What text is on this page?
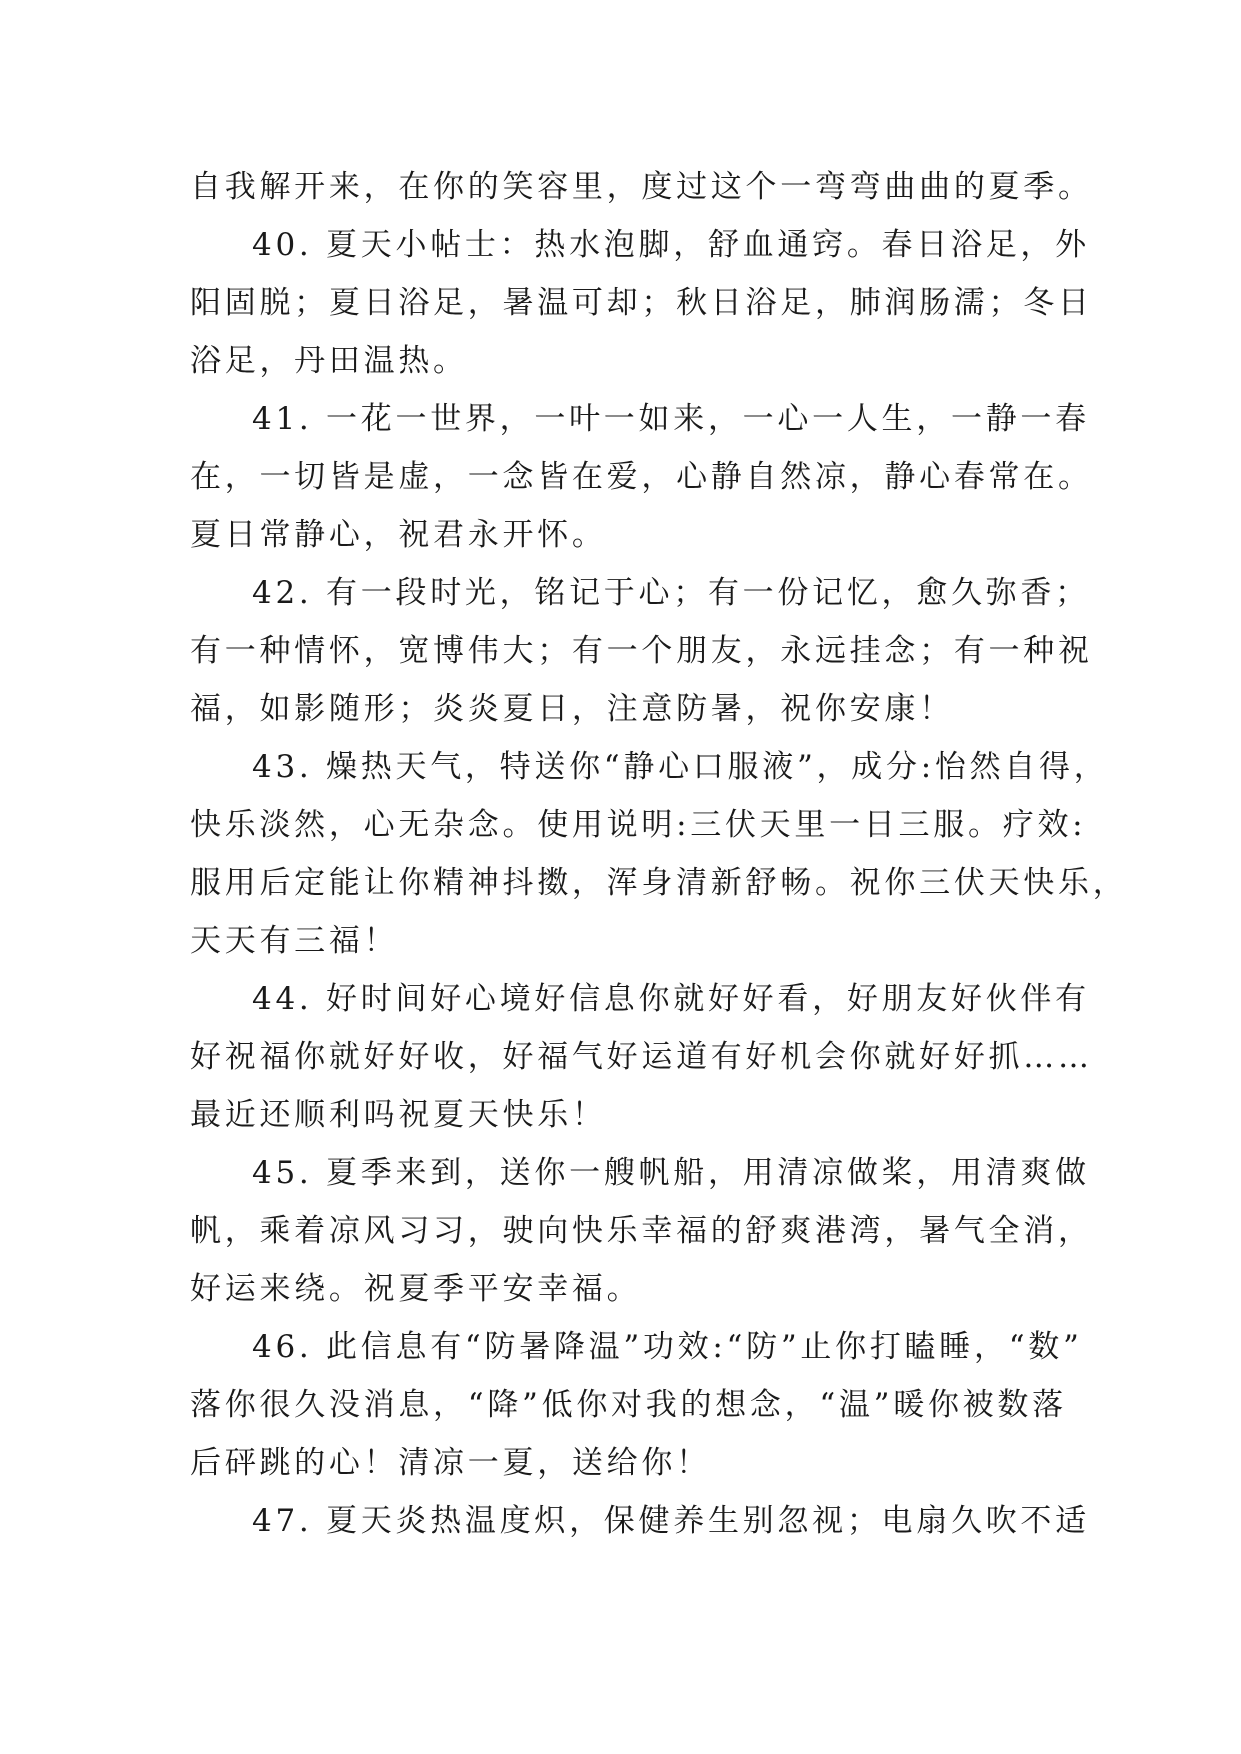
自我解开来，在你的笑容里，度过这个一弯弯曲曲的夏季。
40. 夏天小帖士：热水泡脚，舒血通窍。春日浴足，外
阳固脱；夏日浴足，暑温可却；秋日浴足，肺润肠濡；冬日
浴足，丹田温热。
41. 一花一世界，一叶一如来，一心一人生，一静一春
在，一切皆是虚，一念皆在爱，心静自然凉，静心春常在。
夏日常静心，祝君永开怀。
42. 有一段时光，铭记于心；有一份记忆，愈久弥香；
有一种情怀，宽博伟大；有一个朋友，永远挂念；有一种祝
福，如影随形；炎炎夏日，注意防暑，祝你安康！
43. 燥热天气，特送你“静心口服液”，成分:怡然自得，
快乐淡然，心无杂念。使用说明:三伏天里一日三服。疗效:
服用后定能让你精神抖擞，浑身清新舒畅。祝你三伏天快乐，
天天有三福！
44. 好时间好心境好信息你就好好看，好朋友好伙伴有
好祝福你就好好收，好福气好运道有好机会你就好好抓……
最近还顺利吗祝夏天快乐！
45. 夏季来到，送你一艘帆船，用清凉做桨，用清爽做
帆，乘着凉风习习，驶向快乐幸福的舒爽港湾，暑气全消，
好运来绕。祝夏季平安幸福。
46. 此信息有“防暑降温”功效:“防”止你打瞌睡，“数”
落你很久没消息，“降”低你对我的想念，“温”暖你被数落
后砰跳的心！清凉一夏，送给你！
47. 夏天炎热温度炽，保健养生别忽视；电扇久吹不适
